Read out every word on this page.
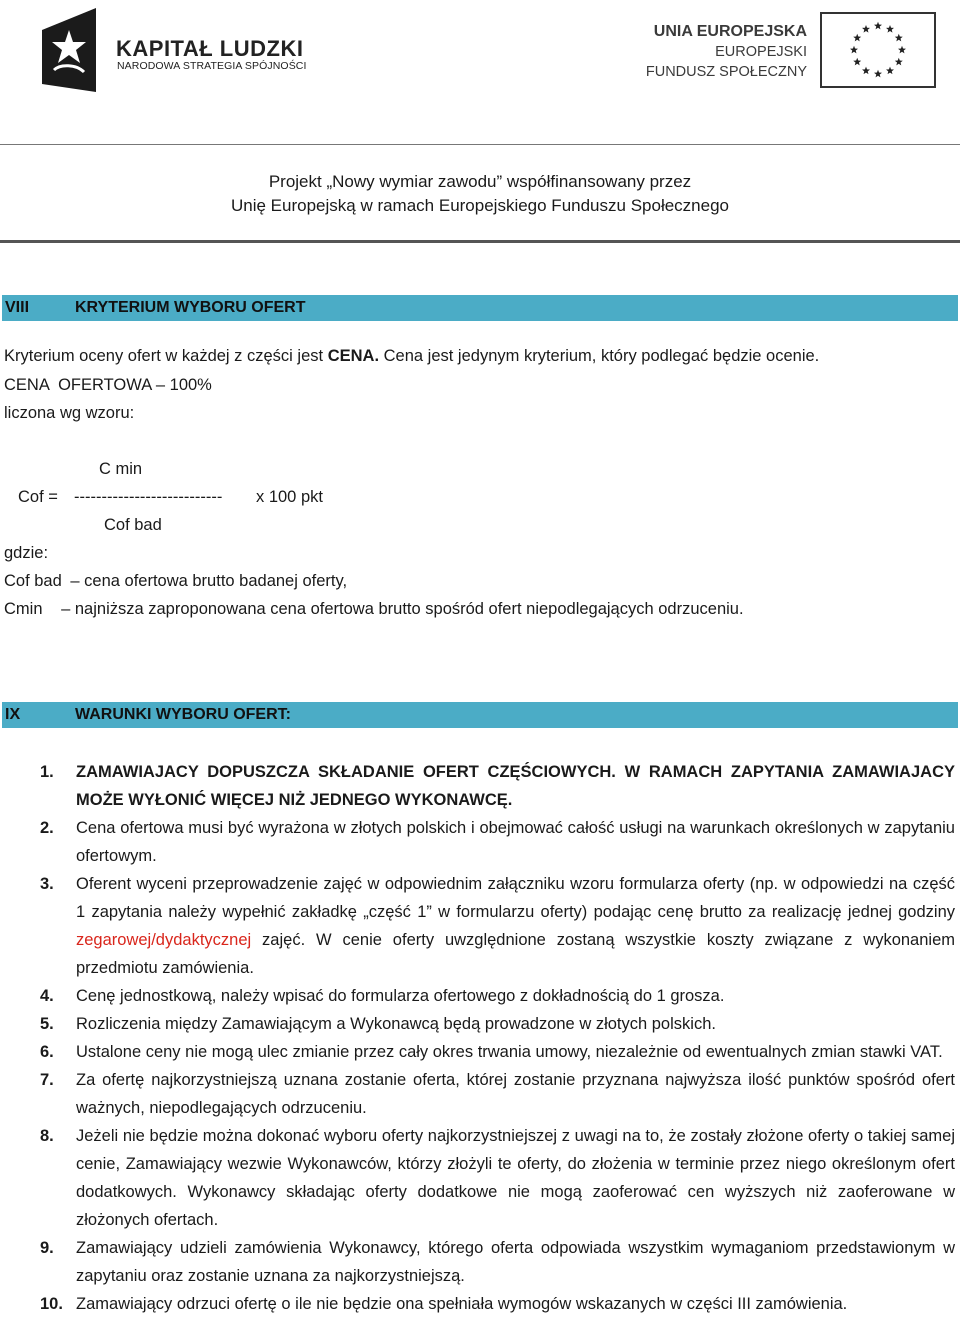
KAPITAŁ LUDZKI
NARODOWA STRATEGIA SPÓJNOŚCI
UNIA EUROPEJSKA
EUROPEJSKI
FUNDUSZ SPOŁECZNY
Projekt „Nowy wymiar zawodu” współfinansowany przez
Unię Europejską w ramach Europejskiego Funduszu Społecznego
VIII	KRYTERIUM WYBORU OFERT
Kryterium oceny ofert w każdej z części jest CENA. Cena jest jedynym kryterium, który podlegać będzie ocenie.
CENA  OFERTOWA – 100%
liczona wg wzoru:
C min
Cof = --------------------------- x 100 pkt
Cof bad
gdzie:
Cof bad – cena ofertowa brutto badanej oferty,
Cmin – najniższa zaproponowana cena ofertowa brutto spośród ofert niepodlegających odrzuceniu.
IX	WARUNKI WYBORU OFERT:
1. ZAMAWIAJACY DOPUSZCZA SKŁADANIE OFERT CZĘŚCIOWYCH. W RAMACH ZAPYTANIA ZAMAWIAJACY MOŻE WYŁONIĆ WIĘCEJ NIŻ JEDNEGO WYKONAWCĘ.
2. Cena ofertowa musi być wyrażona w złotych polskich i obejmować całość usługi na warunkach określonych w zapytaniu ofertowym.
3. Oferent wyceni przeprowadzenie zajęć w odpowiednim załączniku wzoru formularza oferty (np. w odpowiedzi na część 1 zapytania należy wypełnić zakładkę „część 1” w formularzu oferty) podając cenę brutto za realizację jednej godziny zegarowej/dydaktycznej zajęć. W cenie oferty uwzględnione zostaną wszystkie koszty związane z wykonaniem przedmiotu zamówienia.
4. Cenę jednostkową, należy wpisać do formularza ofertowego z dokładnością do 1 grosza.
5. Rozliczenia między Zamawiającym a Wykonawcą będą prowadzone w złotych polskich.
6. Ustalone ceny nie mogą ulec zmianie przez cały okres trwania umowy, niezależnie od ewentualnych zmian stawki VAT.
7. Za ofertę najkorzystniejszą uznana zostanie oferta, której zostanie przyznana najwyższa ilość punktów spośród ofert ważnych, niepodlegających odrzuceniu.
8. Jeżeli nie będzie można dokonać wyboru oferty najkorzystniejszej z uwagi na to, że zostały złożone oferty o takiej samej cenie, Zamawiający wezwie Wykonawców, którzy złożyli te oferty, do złożenia w terminie przez niego określonym ofert dodatkowych. Wykonawcy składając oferty dodatkowe nie mogą zaoferować cen wyższych niż zaoferowane w złożonych ofertach.
9. Zamawiający udzieli zamówienia Wykonawcy, którego oferta odpowiada wszystkim wymaganiom przedstawionym w zapytaniu oraz zostanie uznana za najkorzystniejszą.
10. Zamawiający odrzuci ofertę o ile nie będzie ona spełniała wymogów wskazanych w części III zamówienia.
